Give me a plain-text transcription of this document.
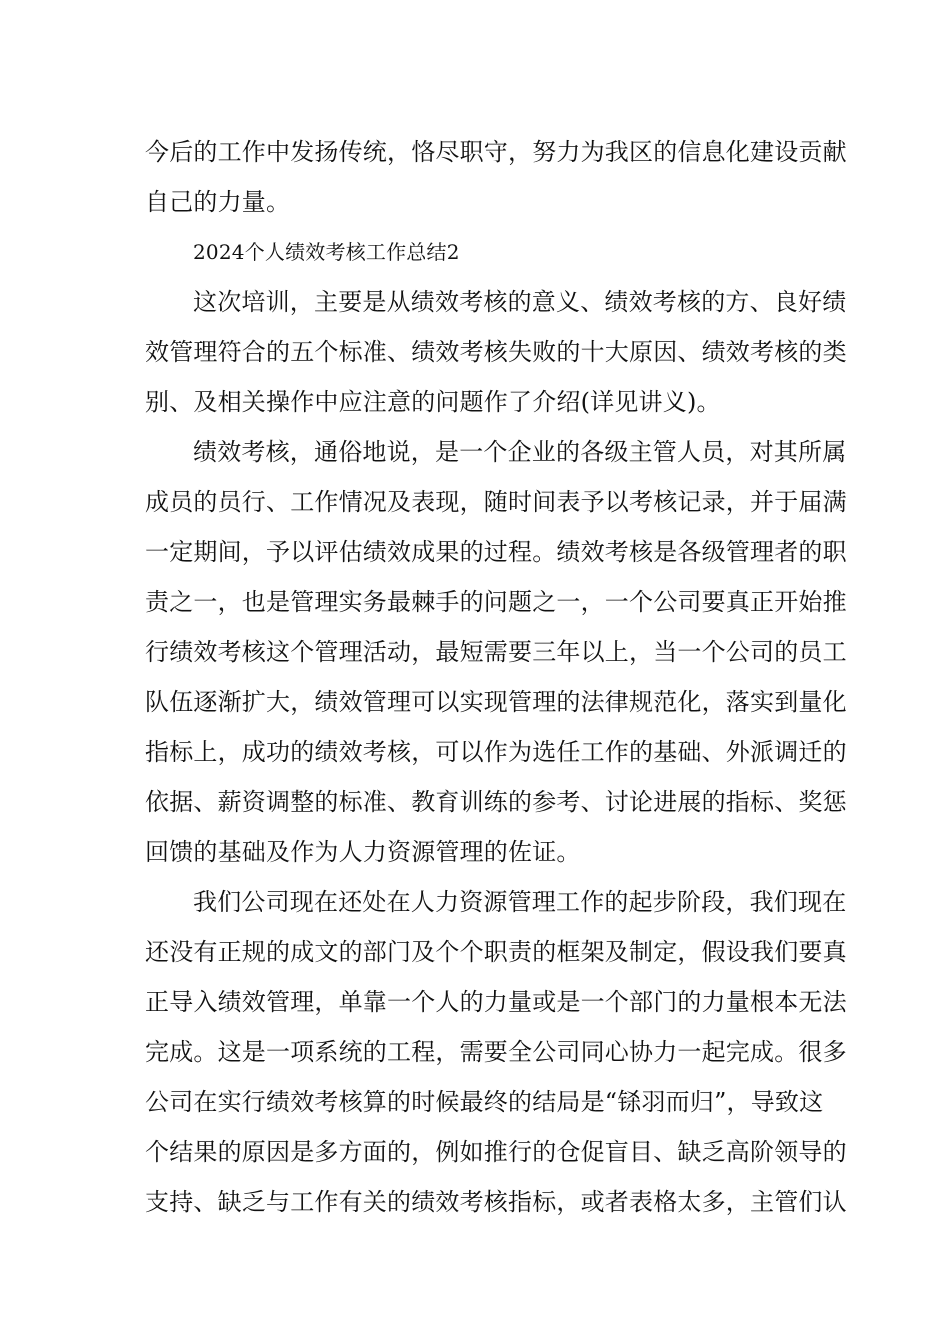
今后的工作中发扬传统，恪尽职守，努力为我区的信息化建设贡献
自己的力量。
2024个人绩效考核工作总结2
这次培训，主要是从绩效考核的意义、绩效考核的方、良好绩
效管理符合的五个标准、绩效考核失败的十大原因、绩效考核的类
别、及相关操作中应注意的问题作了介绍(详见讲义)。
绩效考核，通俗地说，是一个企业的各级主管人员，对其所属
成员的员行、工作情况及表现，随时间表予以考核记录，并于届满
一定期间，予以评估绩效成果的过程。绩效考核是各级管理者的职
责之一，也是管理实务最棘手的问题之一，一个公司要真正开始推
行绩效考核这个管理活动，最短需要三年以上，当一个公司的员工
队伍逐渐扩大，绩效管理可以实现管理的法律规范化，落实到量化
指标上，成功的绩效考核，可以作为选任工作的基础、外派调迁的
依据、薪资调整的标准、教育训练的参考、讨论进展的指标、奖惩
回馈的基础及作为人力资源管理的佐证。
我们公司现在还处在人力资源管理工作的起步阶段，我们现在
还没有正规的成文的部门及个个职责的框架及制定，假设我们要真
正导入绩效管理，单靠一个人的力量或是一个部门的力量根本无法
完成。这是一项系统的工程，需要全公司同心协力一起完成。很多
公司在实行绩效考核算的时候最终的结局是“铩羽而归”，导致这
个结果的原因是多方面的，例如推行的仓促盲目、缺乏高阶领导的
支持、缺乏与工作有关的绩效考核指标，或者表格太多，主管们认
